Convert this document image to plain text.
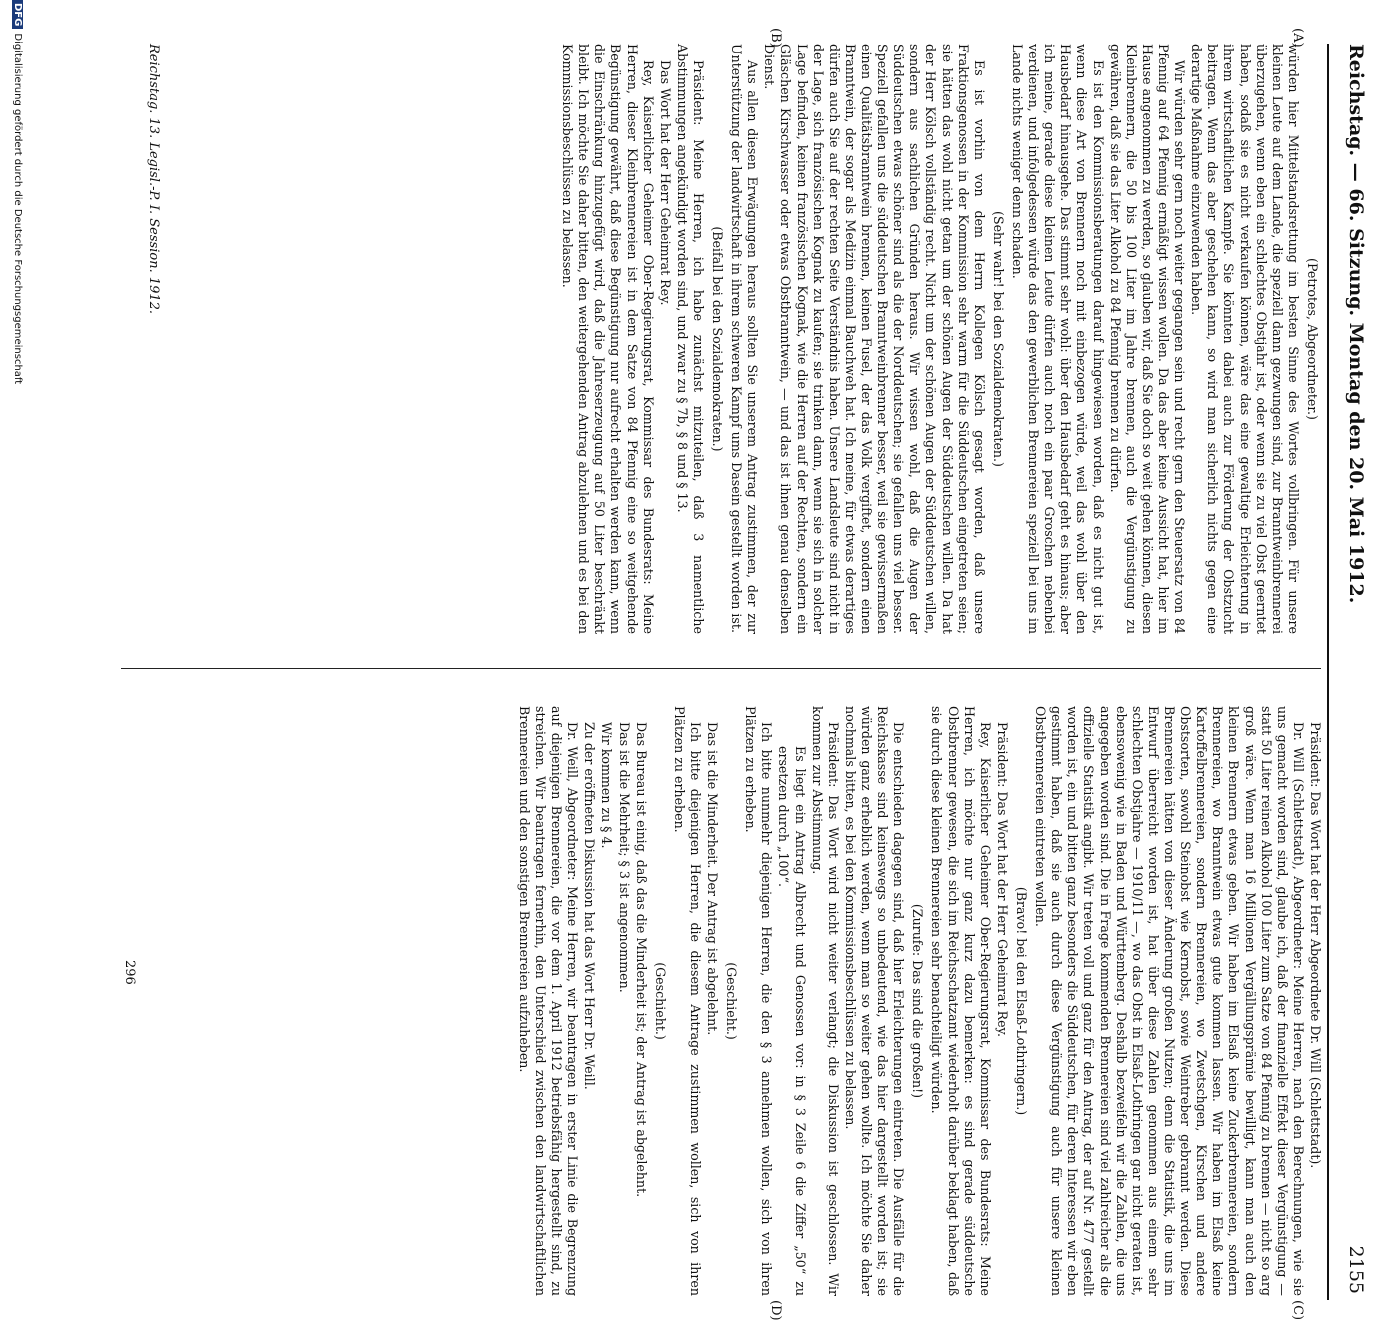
Reichstag. — 66. Sitzung. Montag den 20. Mai 1912.
2155
(A)
(B)
(C)
(D)

(Petrotes, Abgeordneter.)

würden hier Mittelstandsrettung im besten Sinne des Wortes vollbringen. Für unsere kleinen Leute auf dem Lande, die speziell dann gezwungen sind, zur Branntweinbrennerei überzugehen, wenn eben ein schlechtes Obstjahr ist, oder wenn sie zu viel Obst geerntet haben, sodaß sie es nicht verkaufen können, wäre das eine gewaltige Erleichterung in ihrem wirtschaftlichen Kampfe. Sie könnten dabei auch zur Förderung der Obstzucht beitragen. Wenn das aber geschehen kann, so wird man sicherlich nichts gegen eine derartige Maßnahme einzuwenden haben.

Wir würden sehr gern noch weiter gegangen sein und recht gern den Steuersatz von 84 Pfennig auf 64 Pfennig ermäßigt wissen wollen. Da das aber keine Aussicht hat, hier im Hause angenommen zu werden, so glauben wir, daß Sie doch so weit gehen können, diesen Kleinbrennern, die 50 bis 100 Liter im Jahre brennen, auch die Vergünstigung zu gewähren, daß sie das Liter Alkohol zu 84 Pfennig brennen zu dürfen.

Es ist den Kommissionsberatungen darauf hingewiesen worden, daß es nicht gut ist, wenn diese Art von Brennern noch mit einbezogen würde, weil das wohl über den Hausbedarf hinausgehe. Das stimmt sehr wohl: über den Hausbedarf geht es hinaus; aber ich meine, gerade diese kleinen Leute dürfen auch noch ein paar Groschen nebenbei verdienen, und infolgedessen würde das den gewerblichen Brennereien speziell bei uns im Lande nichts weniger denn schaden.

(Sehr wahr! bei den Sozialdemokraten.)

Es ist vorhin von dem Herrn Kollegen Kölsch gesagt worden, daß unsere Fraktionsgenossen in der Kommission sehr warm für die Süddeutschen eingetreten seien; sie hätten das wohl nicht getan um der schönen Augen der Süddeutschen willen. Da hat der Herr Kölsch vollständig recht. Nicht um der schönen Augen der Süddeutschen willen, sondern aus sachlichen Gründen heraus. Wir wissen wohl, daß die Augen der Süddeutschen etwas schöner sind als die der Norddeutschen; sie gefallen uns viel besser. Speziell gefallen uns die süddeutschen Branntweinbrenner besser, weil sie gewissermaßen einen Qualitätsbranntwein brennen, keinen Fusel, der das Volk vergiftet, sondern einen Branntwein, der sogar als Medizin einmal Bauchweh hat. Ich meine, für etwas derartiges dürfen auch Sie auf der rechten Seite Verständnis haben. Unsere Landsleute sind nicht in der Lage, sich französischen Kognak zu kaufen; sie trinken dann, wenn sie sich in solcher Lage befinden, keinen französischen Kognak, wie die Herren auf der Rechten, sondern ein Gläschen Kirschwasser oder etwas Obstbranntwein, — und das ist ihnen genau denselben Dienst.

Aus allen diesen Erwägungen heraus sollten Sie unserem Antrag zustimmen, der zur Unterstützung der landwirtschaft in ihrem schweren Kampf ums Dasein gestellt worden ist.

(Beifall bei den Sozialdemokraten.)

Präsident: Meine Herren, ich habe zunächst mitzuteilen, daß 3 namentliche Abstimmungen angekündigt worden sind, und zwar zu § 7b, § 8 und § 13.

Das Wort hat der Herr Geheimrat Rey.

Rey, Kaiserlicher Geheimer Ober-Regierungsrat, Kommissar des Bundesrats: Meine Herren, dieser Kleinbrennereien ist in dem Satze von 84 Pfennig eine so weitgehende Begünstigung gewährt, daß diese Begünstigung nur aufrecht erhalten werden kann, wenn die Einschränkung hinzugefügt wird, daß die Jahreserzeugung auf 50 Liter beschränkt bleibt. Ich möchte Sie daher bitten, den weitergehenden Antrag abzulehnen und es bei den Kommissionsbeschlüssen zu belassen.

Präsident: Das Wort hat der Herr Abgeordnete Dr. Will (Schlettstadt).

Dr. Will (Schlettstadt), Abgeordneter: Meine Herren, nach den Berechnungen, wie sie uns gemacht worden sind, glaube ich, daß der finanzielle Effekt dieser Vergünstigung — statt 50 Liter reinen Alkohol 100 Liter zum Satze von 84 Pfennig zu brennen — nicht so arg groß wäre. Wenn man 16 Millionen Vergällungsprämie bewilligt, kann man auch den kleinen Brennern etwas geben. Wir haben im Elsaß keine Zuckerbrennereien, sondern Brennereien, wo Branntwein etwas gute kommen lassen. Wir haben im Elsaß keine Kartoffelbrennereien, sondern Brennereien, wo Zwetschgen, Kirschen und andere Obstsorten, sowohl Steinobst wie Kernobst, sowie Weintreber gebrannt werden. Diese Brennereien hätten von dieser Änderung großen Nutzen; denn die Statistik, die uns im Entwurf überreicht worden ist, hat über diese Zahlen genommen aus einem sehr schlechten Obstjahre — 1910/11 —, wo das Obst in Elsaß-Lothringen gar nicht geraten ist, ebensowenig wie in Baden und Württemberg. Deshalb bezweifeln wir die Zahlen, die uns angegeben worden sind. Die in Frage kommenden Brennereien sind viel zahlreicher als die offizielle Statistik angibt. Wir treten voll und ganz für den Antrag, der auf Nr. 477 gestellt worden ist, ein und bitten ganz besonders die Süddeutschen, für deren Interessen wir eben gestimmt haben, daß sie auch durch diese Vergünstigung auch für unsere kleinen Obstbrennereien eintreten wollen.

(Bravo! bei den Elsaß-Lothringern.)

Präsident: Das Wort hat der Herr Geheimrat Rey.

Rey, Kaiserlicher Geheimer Ober-Regierungsrat, Kommissar des Bundesrats: Meine Herren, ich möchte nur ganz kurz dazu bemerken: es sind gerade süddeutsche Obstbrenner gewesen, die sich im Reichsschatzamt wiederholt darüber beklagt haben, daß sie durch diese kleinen Brennereien sehr benachteiligt würden.

(Zurufe: Das sind die großen!)

Die entschieden dagegen sind, daß hier Erleichterungen eintreten. Die Ausfälle für die Reichskasse sind keineswegs so unbedeutend, wie das hier dargestellt worden ist; sie würden ganz erheblich werden, wenn man so weiter gehen wollte. Ich möchte Sie daher nochmals bitten, es bei den Kommissionsbeschlüssen zu belassen.

Präsident: Das Wort wird nicht weiter verlangt; die Diskussion ist geschlossen. Wir kommen zur Abstimmung.

Es liegt ein Antrag Albrecht und Genossen vor: in § 3 Zeile 6 die Ziffer „50“ zu ersetzen durch „100“.

Ich bitte nunmehr diejenigen Herren, die den § 3 annehmen wollen, sich von ihren Plätzen zu erheben.

(Geschieht.)

Das ist die Minderheit. Der Antrag ist abgelehnt.

Ich bitte diejenigen Herren, die diesem Antrage zustimmen wollen, sich von ihren Plätzen zu erheben.

(Geschieht.)

Das Bureau ist einig, daß das die Minderheit ist; der Antrag ist abgelehnt.

Das ist die Mehrheit; § 3 ist angenommen.

Wir kommen zu § 4.

Zu der eröffneten Diskussion hat das Wort Herr Dr. Weill.

Dr. Weill, Abgeordneter: Meine Herren, wir beantragen in erster Linie die Begrenzung auf diejenigen Brennereien, die vor dem 1. April 1912 betriebsfähig hergestellt sind, zu streichen. Wir beantragen fernerhin, den Unterschied zwischen den landwirtschaftlichen Brennereien und den sonstigen Brennereien aufzuheben.

Reichstag. 13. Legisl.-P. I. Session. 1912.
296
DFGDigitalisierung gefördert durch die Deutsche Forschungsgemeinschaft
